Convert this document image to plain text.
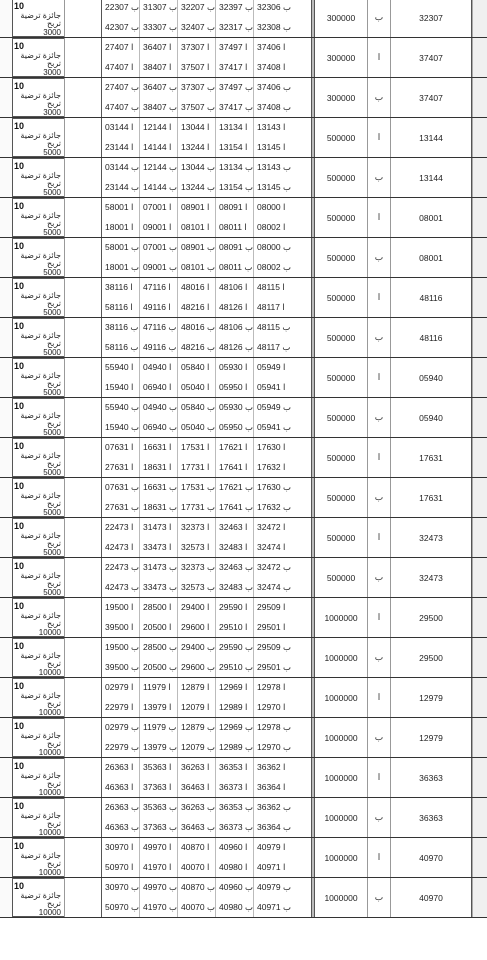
10
جائزة ترضية
تربح
3000
22307 ب 31307 ب 32207 ب 32397 ب 32306 ب
42307 ب 33307 ب 32407 ب 32317 ب 32308 ب
300000	ب	32307
10
جائزة ترضية
تربح
3000
27407 ا	36407 ا	37307 ا	37497 ا	37406 ا
47407 ا	38407 ا	37507 ا	37417 ا	37408 ا
300000	ا	37407
10
جائزة ترضية
تربح
3000
27407 ب 36407 ب 37307 ب 37497 ب 37406 ب
47407 ب 38407 ب 37507 ب 37417 ب 37408 ب
300000	ب	37407
10
جائزة ترضية
تربح
5000
03144 ا	12144 ا	13044 ا	13134 ا	13143 ا
23144 ا	14144 ا	13244 ا	13154 ا	13145 ا
500000	ا	13144
10
جائزة ترضية
تربح
5000
03144 ب 12144 ب 13044 ب 13134 ب 13143 ب
23144 ب 14144 ب 13244 ب 13154 ب 13145 ب
500000	ب	13144
10
جائزة ترضية
تربح
5000
58001 ا	07001 ا	08901 ا	08091 ا	08000 ا
18001 ا	09001 ا	08101 ا	08011 ا	08002 ا
500000	ا	08001
10
جائزة ترضية
تربح
5000
58001 ب 07001 ب 08901 ب 08091 ب 08000 ب
18001 ب 09001 ب 08101 ب 08011 ب 08002 ب
500000	ب	08001
10
جائزة ترضية
تربح
5000
38116 ا	47116 ا	48016 ا	48106 ا	48115 ا
58116 ا	49116 ا	48216 ا	48126 ا	48117 ا
500000	ا	48116
10
جائزة ترضية
تربح
5000
38116 ب 47116 ب 48016 ب 48106 ب 48115 ب
58116 ب 49116 ب 48216 ب 48126 ب 48117 ب
500000	ب	48116
10
جائزة ترضية
تربح
5000
55940 ا	04940 ا	05840 ا	05930 ا	05949 ا
15940 ا	06940 ا	05040 ا	05950 ا	05941 ا
500000	ا	05940
10
جائزة ترضية
تربح
5000
55940 ب 04940 ب 05840 ب 05930 ب 05949 ب
15940 ب 06940 ب 05040 ب 05950 ب 05941 ب
500000	ب	05940
10
جائزة ترضية
تربح
5000
07631 ا	16631 ا	17531 ا	17621 ا	17630 ا
27631 ا	18631 ا	17731 ا	17641 ا	17632 ا
500000	ا	17631
10
جائزة ترضية
تربح
5000
07631 ب 16631 ب 17531 ب 17621 ب 17630 ب
27631 ب 18631 ب 17731 ب 17641 ب 17632 ب
500000	ب	17631
10
جائزة ترضية
تربح
5000
22473 ا	31473 ا	32373 ا	32463 ا	32472 ا
42473 ا	33473 ا	32573 ا	32483 ا	32474 ا
500000	ا	32473
10
جائزة ترضية
تربح
5000
22473 ب 31473 ب 32373 ب 32463 ب 32472 ب
42473 ب 33473 ب 32573 ب 32483 ب 32474 ب
500000	ب	32473
10
جائزة ترضية
تربح
10000
19500 ا	28500 ا	29400 ا	29590 ا	29509 ا
39500 ا	20500 ا	29600 ا	29510 ا	29501 ا
1000000	ا	29500
10
جائزة ترضية
تربح
10000
19500 ب 28500 ب 29400 ب 29590 ب 29509 ب
39500 ب 20500 ب 29600 ب 29510 ب 29501 ب
1000000	ب	29500
10
جائزة ترضية
تربح
10000
02979 ا	11979 ا	12879 ا	12969 ا	12978 ا
22979 ا	13979 ا	12079 ا	12989 ا	12970 ا
1000000	ا	12979
10
جائزة ترضية
تربح
10000
02979 ب 11979 ب 12879 ب 12969 ب 12978 ب
22979 ب 13979 ب 12079 ب 12989 ب 12970 ب
1000000	ب	12979
10
جائزة ترضية
تربح
10000
26363 ا	35363 ا	36263 ا	36353 ا	36362 ا
46363 ا	37363 ا	36463 ا	36373 ا	36364 ا
1000000	ا	36363
10
جائزة ترضية
تربح
10000
26363 ب 35363 ب 36263 ب 36353 ب 36362 ب
46363 ب 37363 ب 36463 ب 36373 ب 36364 ب
1000000	ب	36363
10
جائزة ترضية
تربح
10000
30970 ا	49970 ا	40870 ا	40960 ا	40979 ا
50970 ا	41970 ا	40070 ا	40980 ا	40971 ا
1000000	ا	40970
10
جائزة ترضية
تربح
10000
30970 ب 49970 ب 40870 ب 40960 ب 40979 ب
50970 ب 41970 ب 40070 ب 40980 ب 40971 ب
1000000	ب	40970
